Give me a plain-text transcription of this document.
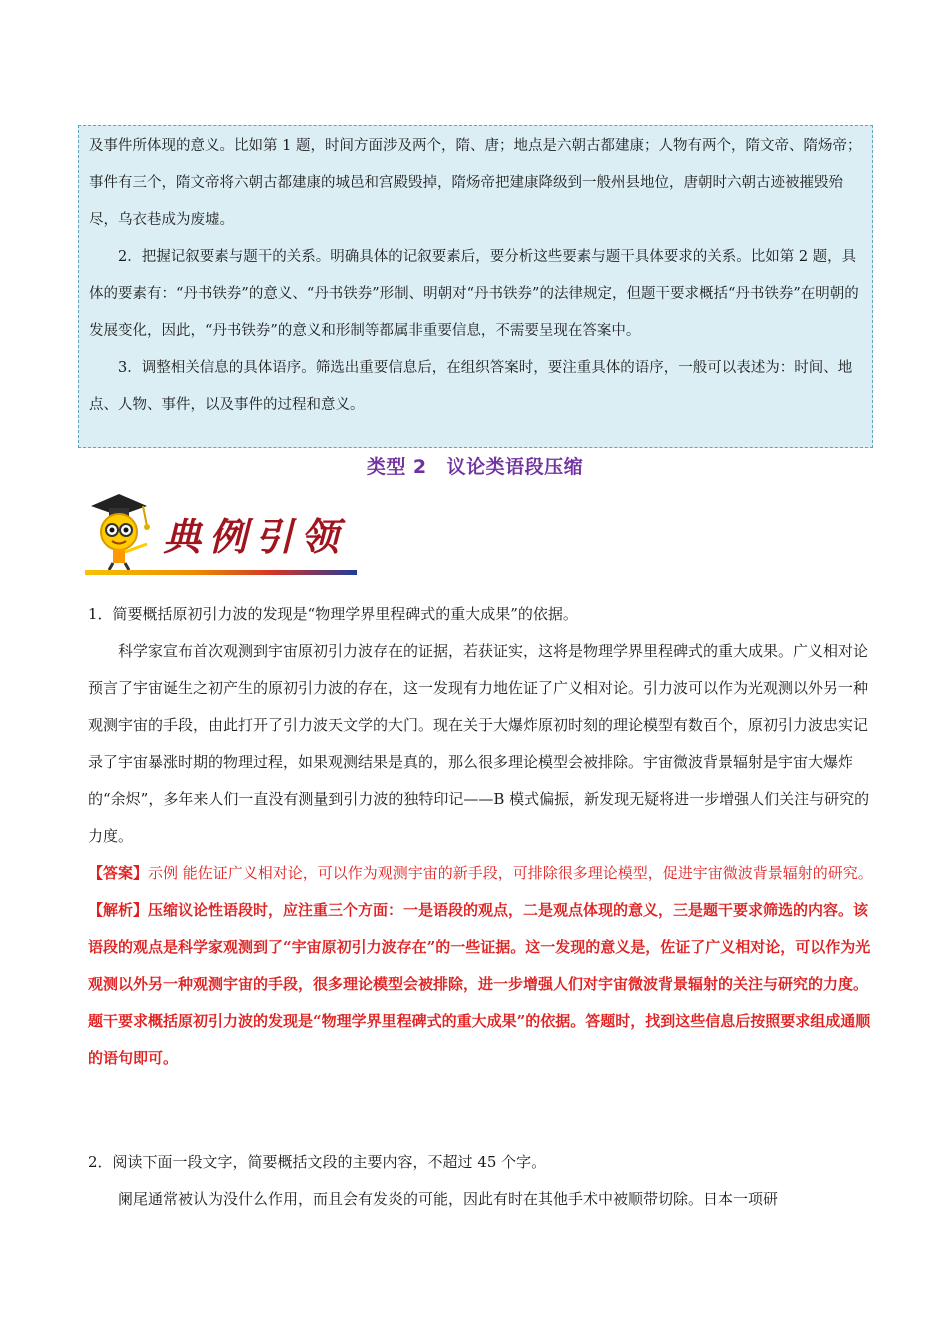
及事件所体现的意义。比如第 1 题，时间方面涉及两个，隋、唐；地点是六朝古都建康；人物有两个，隋文帝、隋炀帝；事件有三个，隋文帝将六朝古都建康的城邑和宫殿毁掉，隋炀帝把建康降级到一般州县地位，唐朝时六朝古迹被摧毁殆尽，乌衣巷成为废墟。

2．把握记叙要素与题干的关系。明确具体的记叙要素后，要分析这些要素与题干具体要求的关系。比如第 2 题，具体的要素有：“丹书铁券”的意义、“丹书铁券”形制、明朝对“丹书铁券”的法律规定，但题干要求概括“丹书铁券”在明朝的发展变化，因此，“丹书铁券”的意义和形制等都属非重要信息，不需要呈现在答案中。

3．调整相关信息的具体语序。筛选出重要信息后，在组织答案时，要注重具体的语序，一般可以表述为：时间、地点、人物、事件，以及事件的过程和意义。

类型 2 议论类语段压缩
典例引领

1．简要概括原初引力波的发现是“物理学界里程碑式的重大成果”的依据。

科学家宣布首次观测到宇宙原初引力波存在的证据，若获证实，这将是物理学界里程碑式的重大成果。广义相对论预言了宇宙诞生之初产生的原初引力波的存在，这一发现有力地佐证了广义相对论。引力波可以作为光观测以外另一种观测宇宙的手段，由此打开了引力波天文学的大门。现在关于大爆炸原初时刻的理论模型有数百个，原初引力波忠实记录了宇宙暴涨时期的物理过程，如果观测结果是真的，那么很多理论模型会被排除。宇宙微波背景辐射是宇宙大爆炸的“余烬”，多年来人们一直没有测量到引力波的独特印记——B 模式偏振，新发现无疑将进一步增强人们关注与研究的力度。

【答案】示例 能佐证广义相对论，可以作为观测宇宙的新手段，可排除很多理论模型，促进宇宙微波背景辐射的研究。

【解析】压缩议论性语段时，应注重三个方面：一是语段的观点，二是观点体现的意义，三是题干要求筛选的内容。该语段的观点是科学家观测到了“宇宙原初引力波存在”的一些证据。这一发现的意义是，佐证了广义相对论，可以作为光观测以外另一种观测宇宙的手段，很多理论模型会被排除，进一步增强人们对宇宙微波背景辐射的关注与研究的力度。题干要求概括原初引力波的发现是“物理学界里程碑式的重大成果”的依据。答题时，找到这些信息后按照要求组成通顺的语句即可。

2．阅读下面一段文字，简要概括文段的主要内容，不超过 45 个字。

阑尾通常被认为没什么作用，而且会有发炎的可能，因此有时在其他手术中被顺带切除。日本一项研
